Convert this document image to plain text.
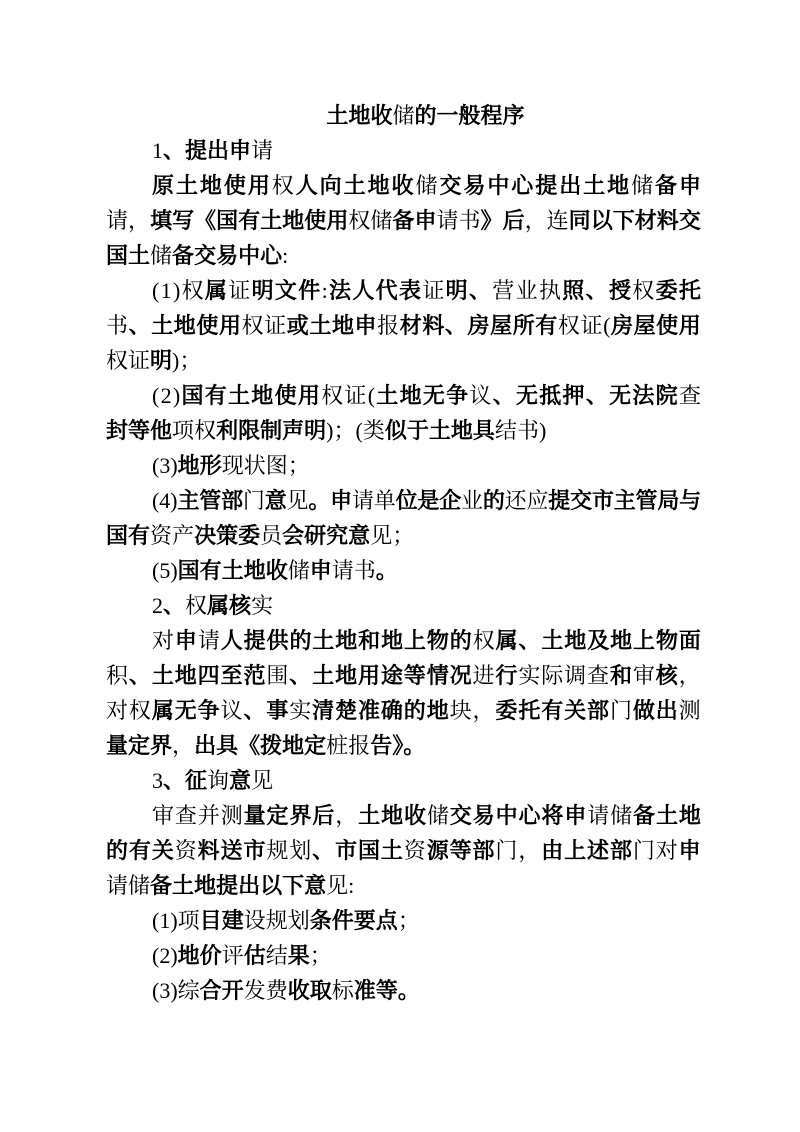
土地收储的一般程序
1、提出申请
原 土 地 使 用 权 人 向 土 地 收 储 交 易 中 心 提 出 土 地 储 备 申
请 ， 填 写 《 国 有 土 地 使 用 权 储 备 申 请 书 》 后 ， 连 同 以 下 材 料 交
国土储备交易中心:
( 1 ) 权 属 证 明 文 件 : 法 人 代 表 证 明 、 营 业 执 照 、 授 权 委 托
书 、 土 地 使 用 权 证 或 土 地 申 报 材 料 、 房 屋 所 有 权 证 ( 房 屋 使 用
权证明)；
( 2 ) 国 有 土 地 使 用 权 证 ( 土 地 无 争 议 、 无 抵 押 、 无 法 院 查
封等他项权利限制声明)；(类似于土地具结书)
(3)地形现状图；
( 4 ) 主 管 部 门 意 见 。 申 请 单 位 是 企 业 的 还 应 提 交 市 主 管 局 与
国有资产决策委员会研究意见；
(5)国有土地收储申请书。
2、权属核实
对 申 请 人 提 供 的 土 地 和 地 上 物 的 权 属 、 土 地 及 地 上 物 面
积 、 土 地 四 至 范 围 、 土 地 用 途 等 情 况 进 行 实 际 调 查 和 审 核 ，
对 权 属 无 争 议 、 事 实 清 楚 准 确 的 地 块 ， 委 托 有 关 部 门 做 出 测
量定界，出具《拨地定桩报告》。
3、征询意见
审 查 并 测 量 定 界 后 ， 土 地 收 储 交 易 中 心 将 申 请 储 备 土 地
的 有 关 资 料 送 市 规 划 、 市 国 土 资 源 等 部 门 ， 由 上 述 部 门 对 申
请储备土地提出以下意见:
(1)项目建设规划条件要点；
(2)地价评估结果；
(3)综合开发费收取标准等。
